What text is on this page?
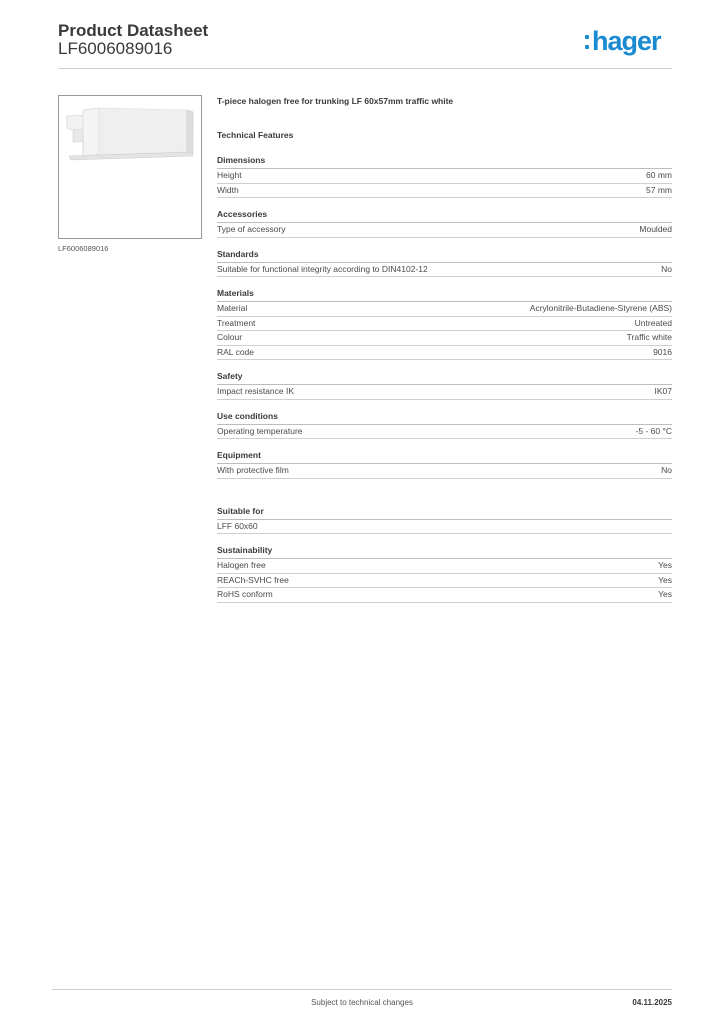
Product Datasheet
LF6006089016	hager
LF6006089016
T-piece halogen free for trunking LF 60x57mm traffic white
Technical Features
Dimensions
Height	60 mm
Width	57 mm
Accessories
Type of accessory	Moulded
Standards
Suitable for functional integrity according to DIN4102-12	No
Materials
Material	Acrylonitrile-Butadiene-Styrene (ABS)
Treatment	Untreated
Colour	Traffic white
RAL code	9016
Safety
Impact resistance IK	IK07
Use conditions
Operating temperature	-5 - 60 °C
Equipment
With protective film	No
Suitable for
LFF 60x60
Sustainability
Halogen free	Yes
REACh-SVHC free	Yes
RoHS conform	Yes
Subject to technical changes	04.11.2025
